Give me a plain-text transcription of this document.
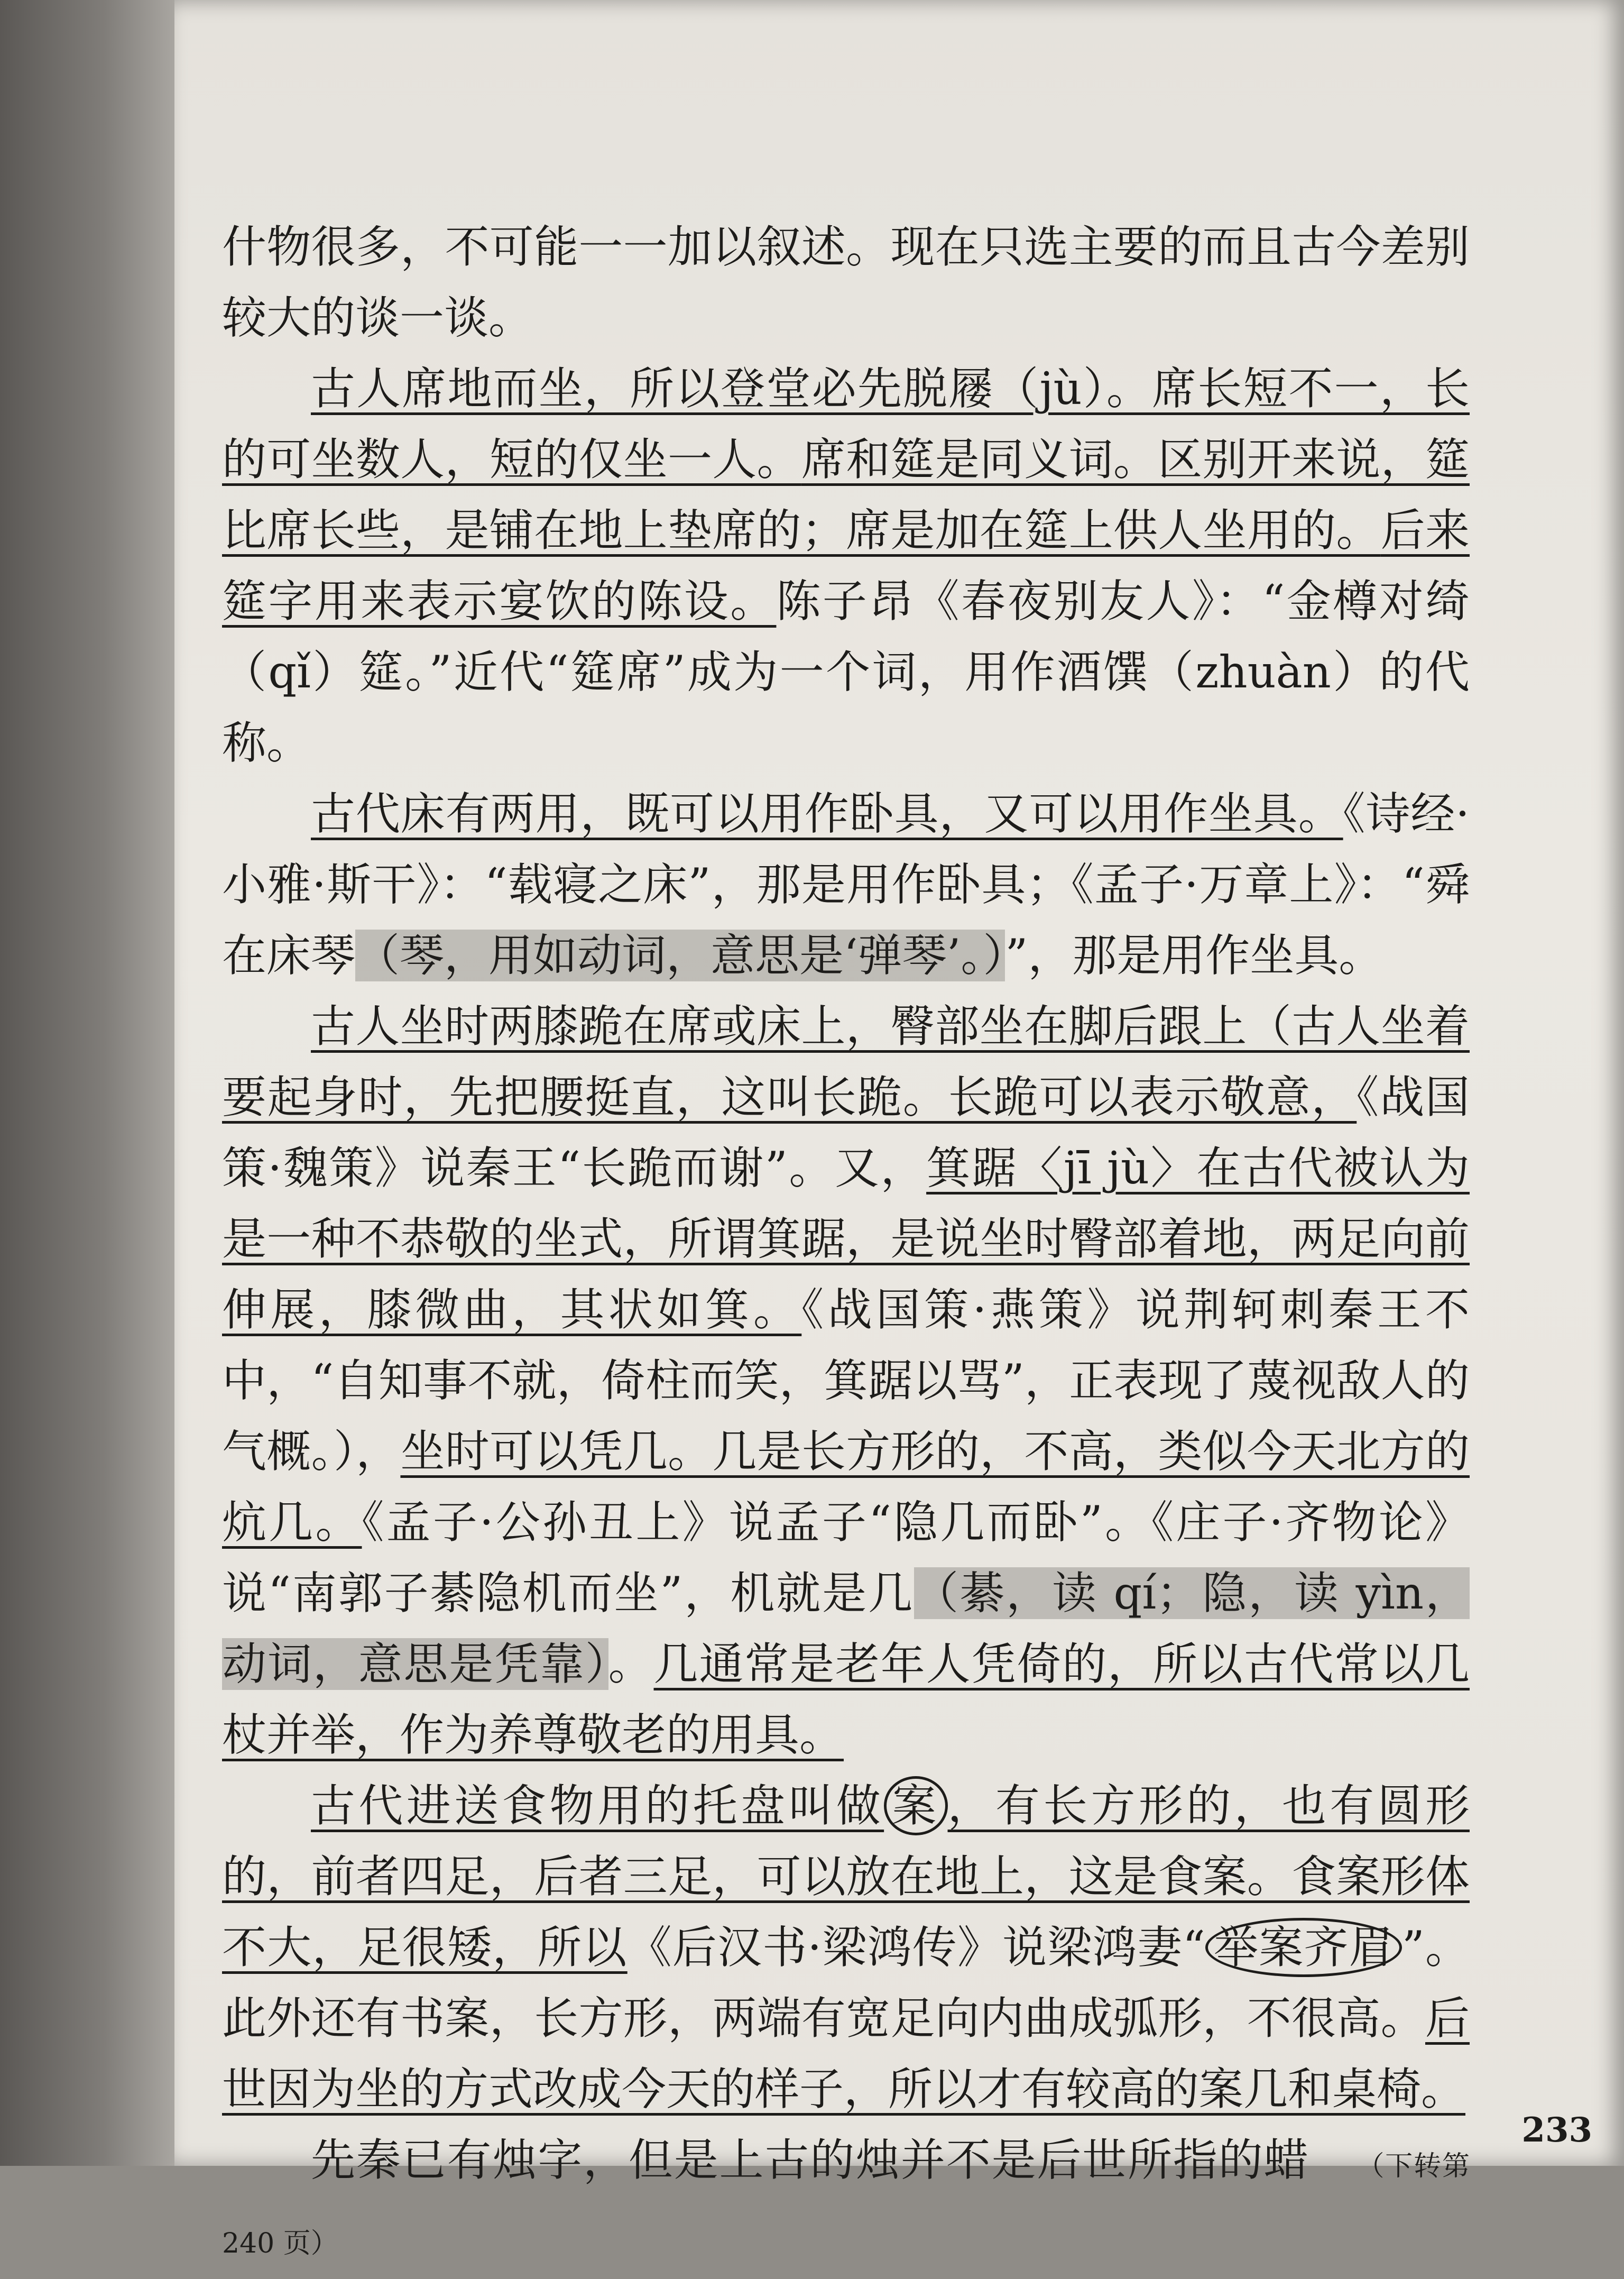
什物很多，不可能一一加以叙述。现在只选主要的而且古今差别较大的谈一谈。

古人席地而坐，所以登堂必先脱屦（jù）。席长短不一，长的可坐数人，短的仅坐一人。席和筵是同义词。区别开来说，筵比席长些，是铺在地上垫席的；席是加在筵上供人坐用的。后来筵字用来表示宴饮的陈设。陈子昂《春夜别友人》：“金樽对绮（qǐ）筵。”近代“筵席”成为一个词，用作酒馔（zhuàn）的代称。

古代床有两用，既可以用作卧具，又可以用作坐具。《诗经·小雅·斯干》：“载寝之床”，那是用作卧具；《孟子·万章上》：“舜在床琴（琴，用如动词，意思是‘弹琴’。）”，那是用作坐具。

古人坐时两膝跪在席或床上，臀部坐在脚后跟上（古人坐着要起身时，先把腰挺直，这叫长跪。长跪可以表示敬意，《战国策·魏策》说秦王“长跪而谢”。又，箕踞〈jī jù〉在古代被认为是一种不恭敬的坐式，所谓箕踞，是说坐时臀部着地，两足向前伸展，膝微曲，其状如箕。《战国策·燕策》说荆轲刺秦王不中，“自知事不就，倚柱而笑，箕踞以骂”，正表现了蔑视敌人的气概。），坐时可以凭几。几是长方形的，不高，类似今天北方的炕几。《孟子·公孙丑上》说孟子“隐几而卧”。《庄子·齐物论》说“南郭子綦隐机而坐”，机就是几（綦，读 qí；隐，读 yìn，动词，意思是凭靠）。几通常是老年人凭倚的，所以古代常以几杖并举，作为养尊敬老的用具。

古代进送食物用的托盘叫做 案 ，有长方形的，也有圆形的，前者四足，后者三足，可以放在地上，这是食案。食案形体不大，足很矮，所以《后汉书·梁鸿传》说梁鸿妻“ 举案齐眉 ”。此外还有书案，长方形，两端有宽足向内曲成弧形，不很高。后世因为坐的方式改成今天的样子，所以才有较高的案几和桌椅。

先秦已有烛字，但是上古的烛并不是后世所指的蜡 （下转第 240 页）

233
